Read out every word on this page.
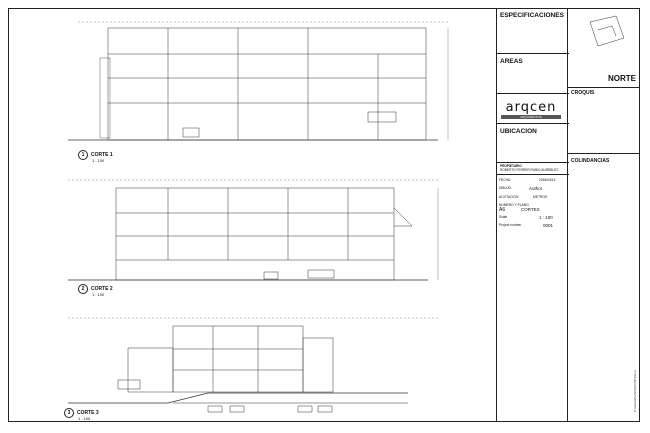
1 CORTE 1
1 : 100
2 CORTE 2
1 : 100
3 CORTE 3
1 : 100
ESPECIFICACIONES
AREAS
arqcen
ARQUITECTOS
UBICACION
PROPIETARIO
ROBERTO FERRER RUBIO AUREBLEC
FECHA	2018/03/14
DIBUJO	Author
ACOTACION	METROS
NUMERO Y PLANO
A6	CORTES
Scale	1 : 100
Project number	0001
NORTE
CROQUIS
COLINDANCIAS
C:\Users\PLANOS\CORTES.rvt
